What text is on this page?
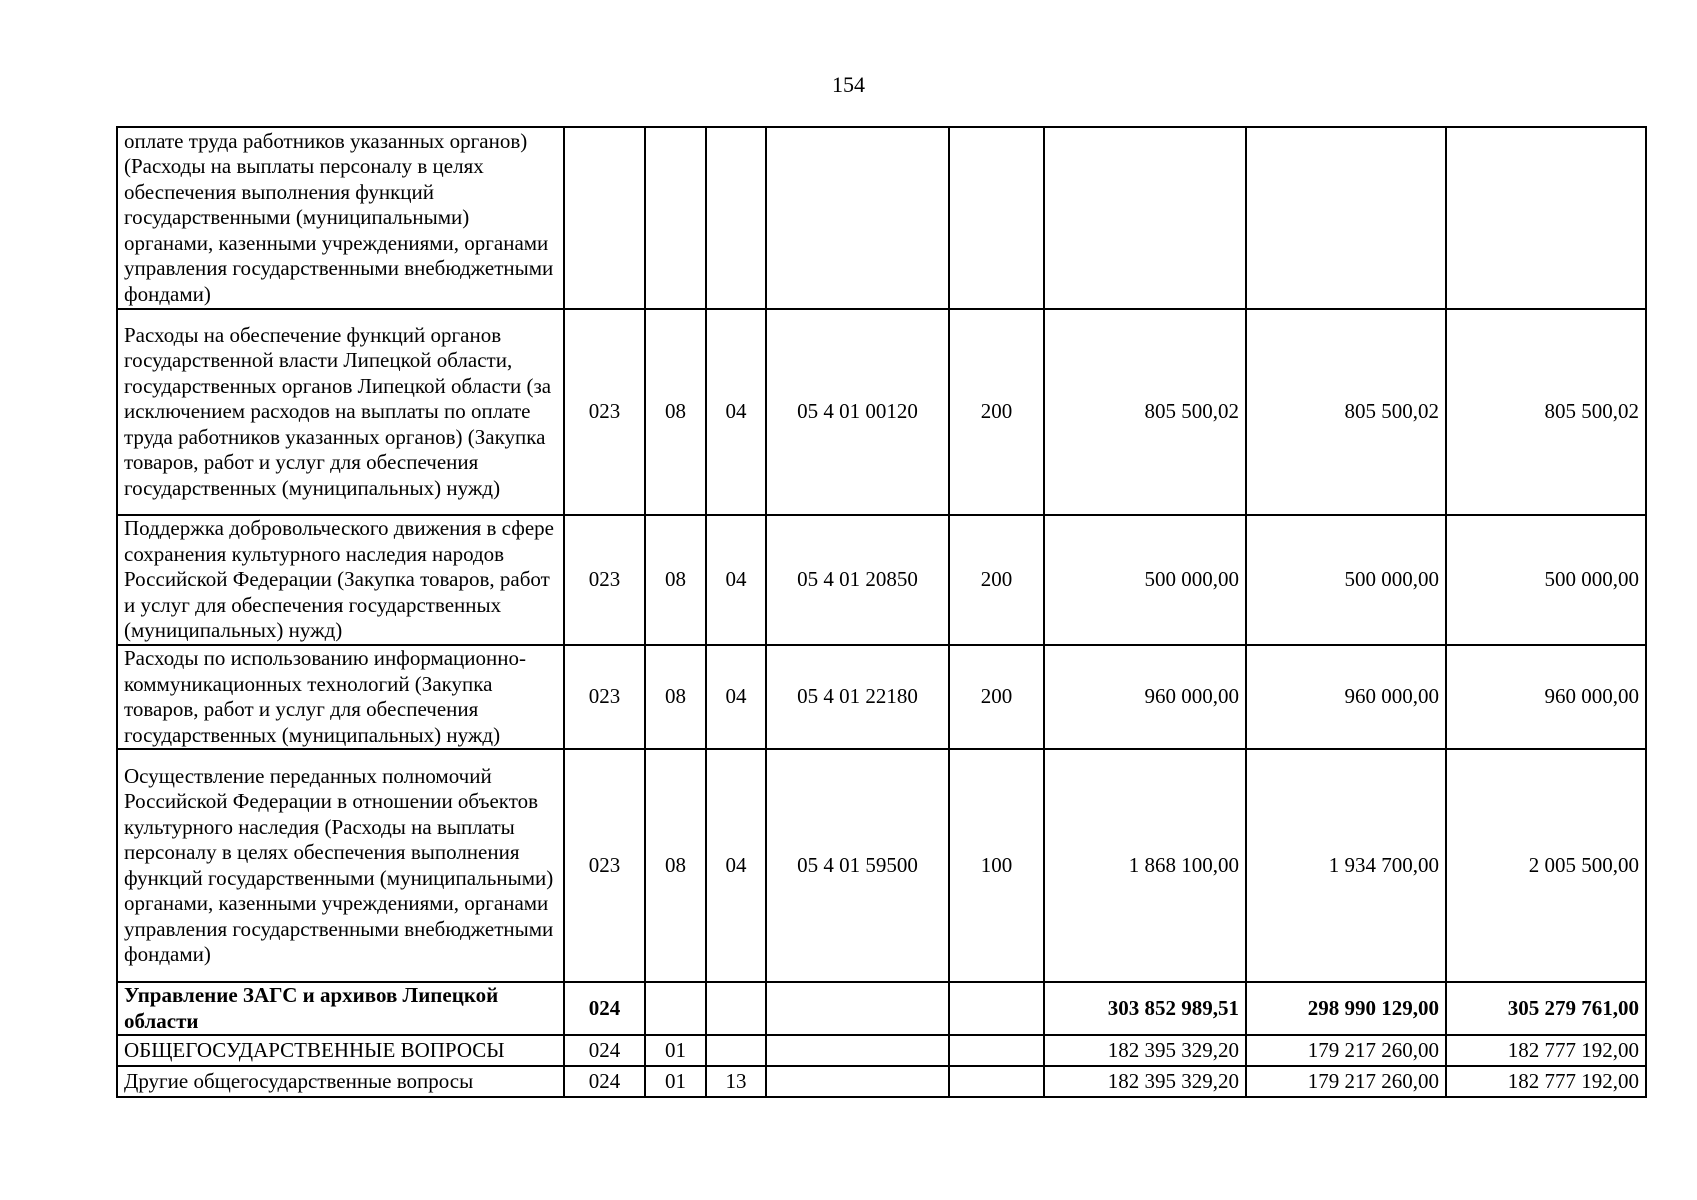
154
оплате труда работников указанных органов) (Расходы на выплаты персоналу в целях обеспечения выполнения функций государственными (муниципальными) органами, казенными учреждениями, органами управления государственными внебюджетными фондами)								
Расходы на обеспечение функций органов государственной власти Липецкой области, государственных органов Липецкой области (за исключением расходов на выплаты по оплате труда работников указанных органов) (Закупка товаров, работ и услуг для обеспечения государственных (муниципальных) нужд)	023	08	04	05 4 01 00120	200	805 500,02	805 500,02	805 500,02
Поддержка добровольческого движения в сфере сохранения культурного наследия народов Российской Федерации (Закупка товаров, работ и услуг для обеспечения государственных (муниципальных) нужд)	023	08	04	05 4 01 20850	200	500 000,00	500 000,00	500 000,00
Расходы по использованию информационно-коммуникационных технологий (Закупка товаров, работ и услуг для обеспечения государственных (муниципальных) нужд)	023	08	04	05 4 01 22180	200	960 000,00	960 000,00	960 000,00
Осуществление переданных полномочий Российской Федерации в отношении объектов культурного наследия (Расходы на выплаты персоналу в целях обеспечения выполнения функций государственными (муниципальными) органами, казенными учреждениями, органами управления государственными внебюджетными фондами)	023	08	04	05 4 01 59500	100	1 868 100,00	1 934 700,00	2 005 500,00
Управление ЗАГС и архивов Липецкой области	024					303 852 989,51	298 990 129,00	305 279 761,00
ОБЩЕГОСУДАРСТВЕННЫЕ ВОПРОСЫ	024	01				182 395 329,20	179 217 260,00	182 777 192,00
Другие общегосударственные вопросы	024	01	13			182 395 329,20	179 217 260,00	182 777 192,00
